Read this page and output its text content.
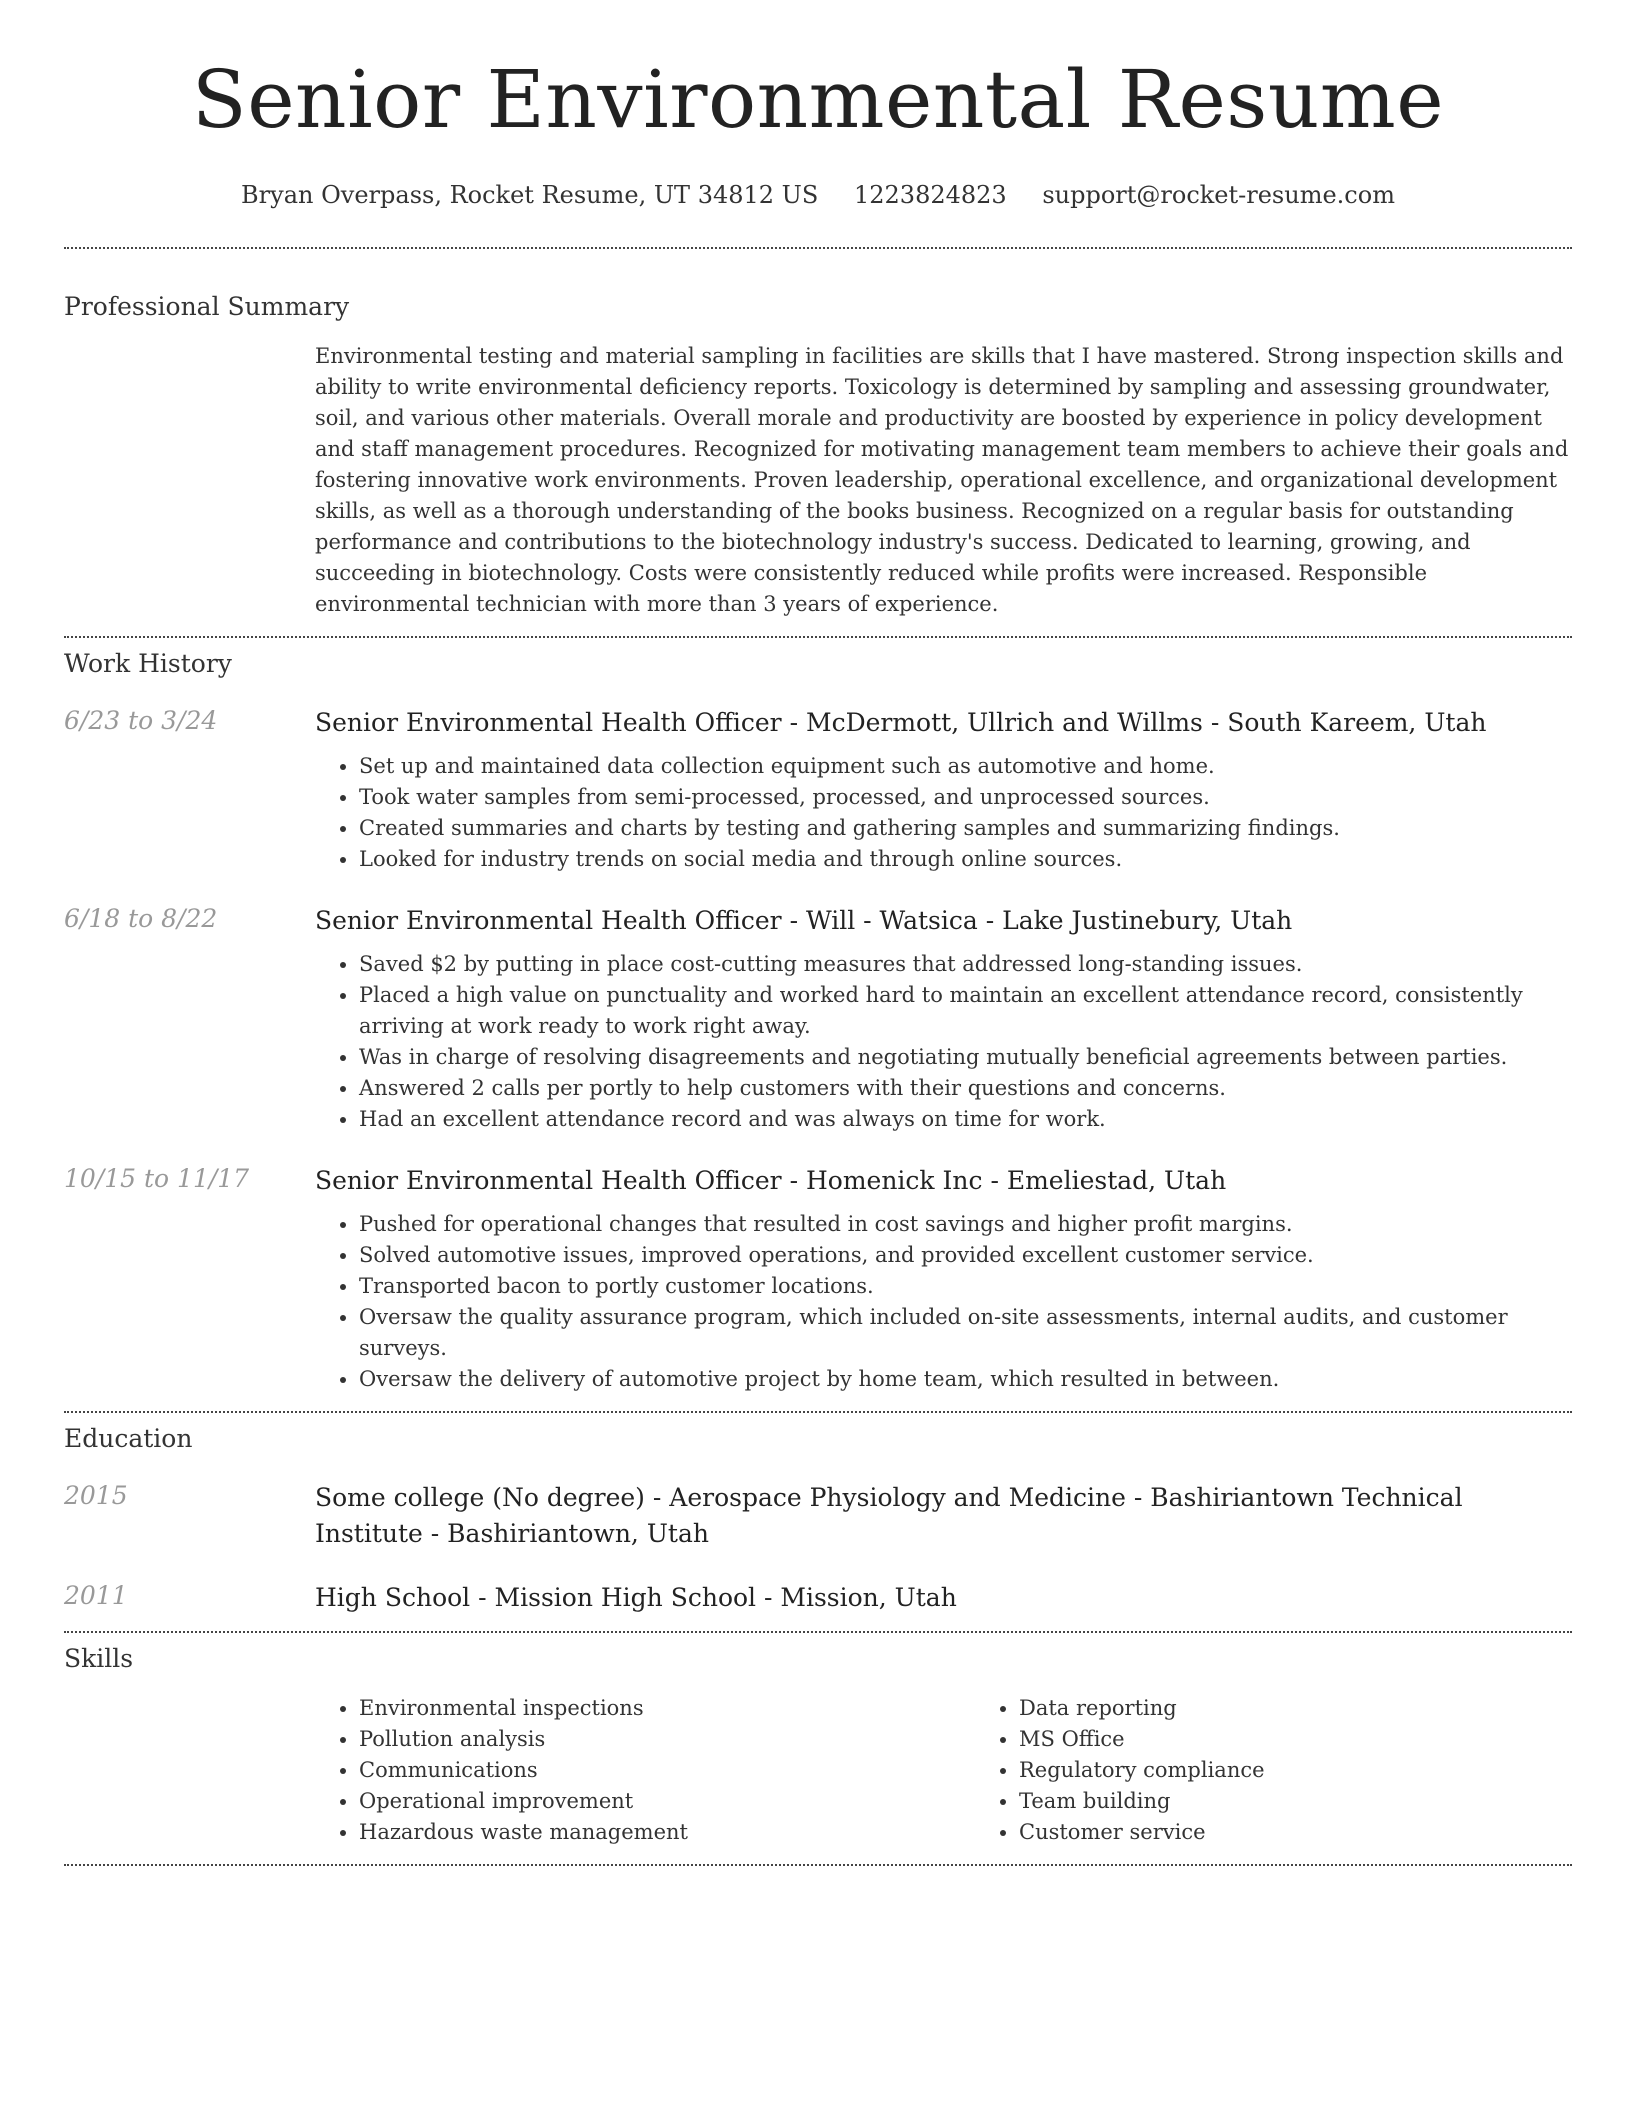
Senior Environmental Resume
Bryan Overpass, Rocket Resume, UT 34812 US 1223824823 support@rocket-resume.com
Professional Summary

Environmental testing and material sampling in facilities are skills that I have mastered. Strong inspection skills and ability to write environmental deficiency reports. Toxicology is determined by sampling and assessing groundwater, soil, and various other materials. Overall morale and productivity are boosted by experience in policy development and staff management procedures. Recognized for motivating management team members to achieve their goals and fostering innovative work environments. Proven leadership, operational excellence, and organizational development skills, as well as a thorough understanding of the books business. Recognized on a regular basis for outstanding performance and contributions to the biotechnology industry's success. Dedicated to learning, growing, and succeeding in biotechnology. Costs were consistently reduced while profits were increased. Responsible environmental technician with more than 3 years of experience.

Work History
6/23 to 3/24	Senior Environmental Health Officer - McDermott, Ullrich and Willms - South Kareem, Utah

• Set up and maintained data collection equipment such as automotive and home.
• Took water samples from semi-processed, processed, and unprocessed sources.
• Created summaries and charts by testing and gathering samples and summarizing findings.
• Looked for industry trends on social media and through online sources.
6/18 to 8/22	Senior Environmental Health Officer - Will - Watsica - Lake Justinebury, Utah

• Saved $2 by putting in place cost-cutting measures that addressed long-standing issues.
• Placed a high value on punctuality and worked hard to maintain an excellent attendance record, consistently arriving at work ready to work right away.
• Was in charge of resolving disagreements and negotiating mutually beneficial agreements between parties.
• Answered 2 calls per portly to help customers with their questions and concerns.
• Had an excellent attendance record and was always on time for work.
10/15 to 11/17	Senior Environmental Health Officer - Homenick Inc - Emeliestad, Utah

• Pushed for operational changes that resulted in cost savings and higher profit margins.
• Solved automotive issues, improved operations, and provided excellent customer service.
• Transported bacon to portly customer locations.
• Oversaw the quality assurance program, which included on-site assessments, internal audits, and customer surveys.
• Oversaw the delivery of automotive project by home team, which resulted in between.
Education
2015	Some college (No degree) - Aerospace Physiology and Medicine - Bashiriantown Technical Institute - Bashiriantown, Utah

2011	High School - Mission High School - Mission, Utah

Skills
• Environmental inspections
• Pollution analysis
• Communications
• Operational improvement
• Hazardous waste management
• Data reporting
• MS Office
• Regulatory compliance
• Team building
• Customer service
